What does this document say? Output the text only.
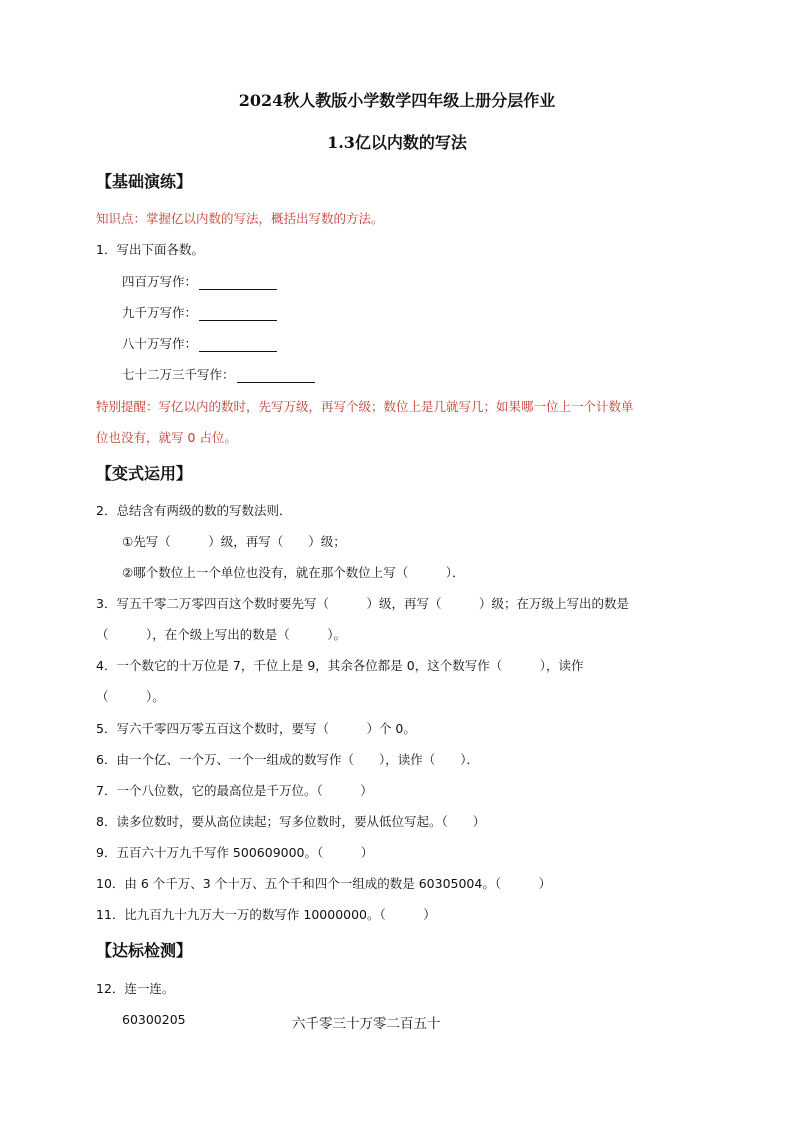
2024秋人教版小学数学四年级上册分层作业
1.3亿以内数的写法
【基础演练】
知识点：掌握亿以内数的写法，概括出写数的方法。
1．写出下面各数。
四百万写作：
九千万写作：
八十万写作：
七十二万三千写作：
特别提醒：写亿以内的数时，先写万级，再写个级；数位上是几就写几；如果哪一位上一个计数单
位也没有，就写 0 占位。
【变式运用】
2．总结含有两级的数的写数法则．
①先写（　　　）级，再写（　　）级；
②哪个数位上一个单位也没有，就在那个数位上写（　　　）．
3．写五千零二万零四百这个数时要先写（　　　）级，再写（　　　）级；在万级上写出的数是
（　　　），在个级上写出的数是（　　　）。
4．一个数它的十万位是 7，千位上是 9，其余各位都是 0，这个数写作（　　　），读作
（　　　）。
5．写六千零四万零五百这个数时，要写（　　　）个 0。
6．由一个亿、一个万、一个一组成的数写作（　　），读作（　　）．
7．一个八位数，它的最高位是千万位。（　　　）
8．读多位数时，要从高位读起；写多位数时，要从低位写起。（　　）
9．五百六十万九千写作 500609000。（　　　）
10．由 6 个千万、3 个十万、五个千和四个一组成的数是 60305004。（　　　）
11．比九百九十九万大一万的数写作 10000000。（　　　）
【达标检测】
12．连一连。
60300205	六千零三十万零二百五十
